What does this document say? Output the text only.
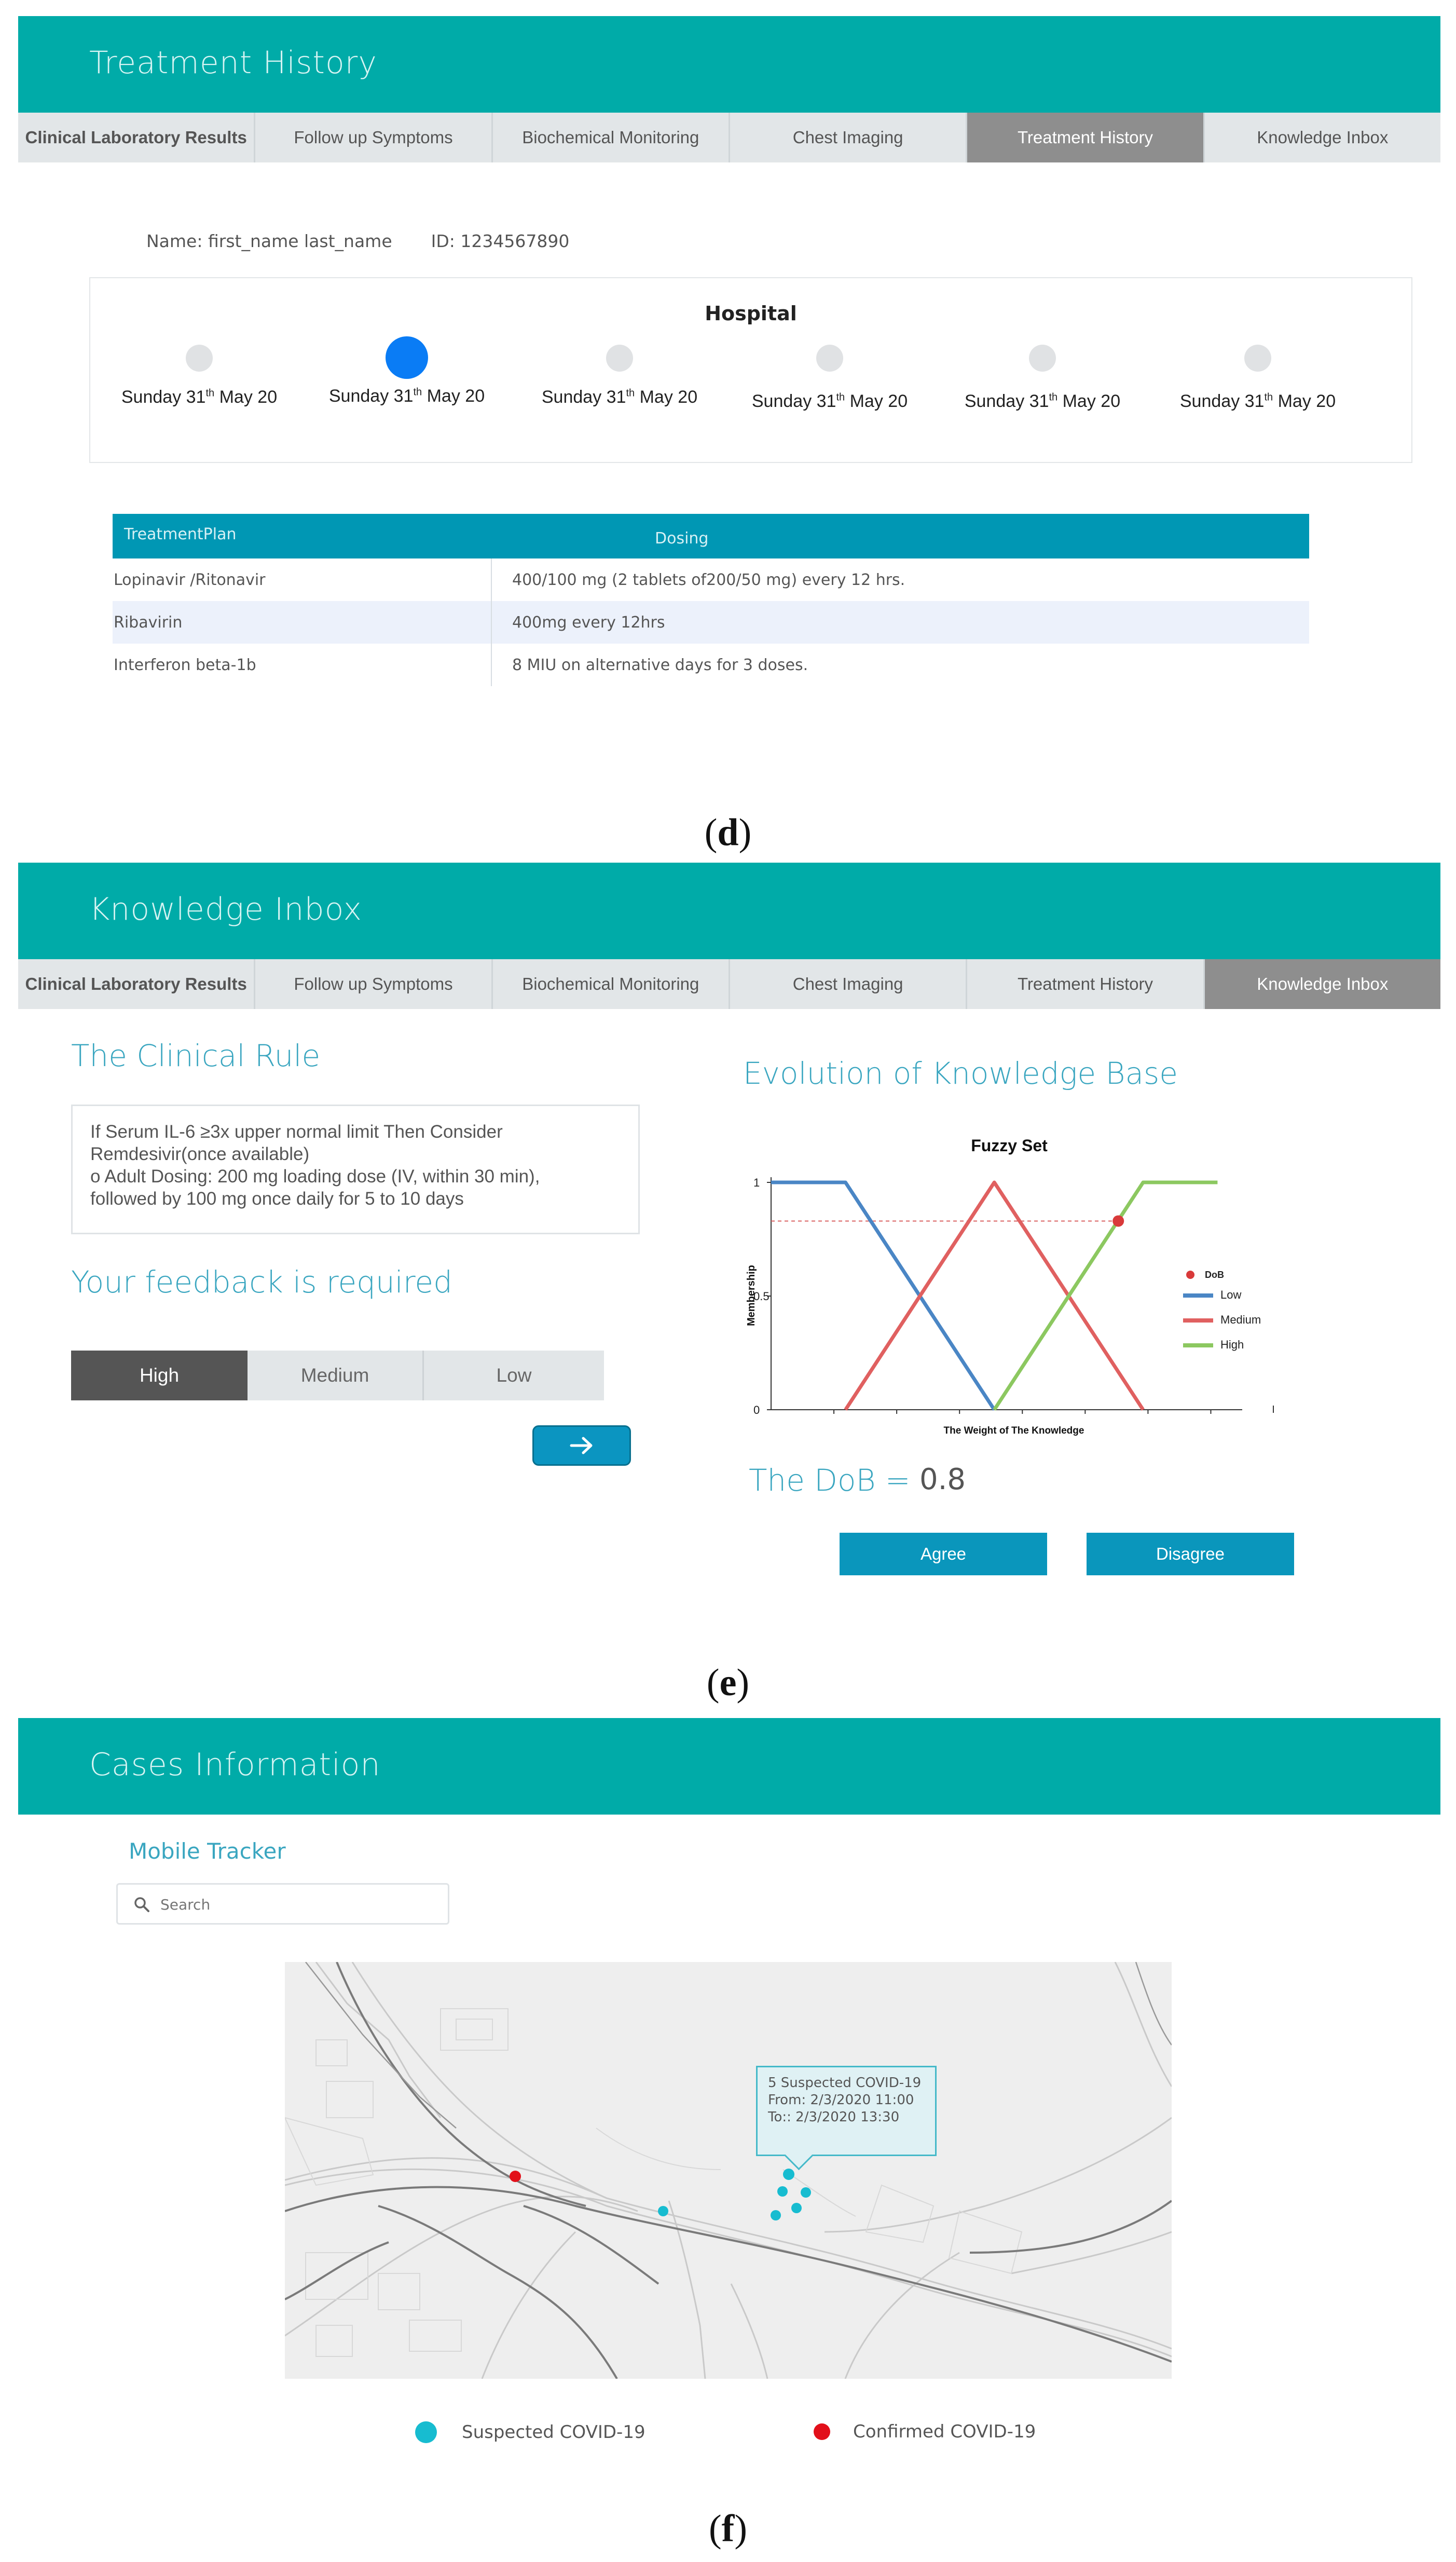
Treatment History
Clinical Laboratory Results	Follow up Symptoms	Biochemical Monitoring	Chest Imaging	Treatment History	Knowledge Inbox
Name: first_name last_name ID: 1234567890
Hospital
Sunday 31th May 20	Sunday 31th May 20	Sunday 31th May 20	Sunday 31th May 20	Sunday 31th May 20	Sunday 31th May 20
TreatmentPlan	Dosing
Lopinavir /Ritonavir	400/100 mg (2 tablets of200/50 mg) every 12 hrs.
Ribavirin	400mg every 12hrs
Interferon beta-1b	8 MIU on alternative days for 3 doses.
(d)
Knowledge Inbox
Clinical Laboratory Results	Follow up Symptoms	Biochemical Monitoring	Chest Imaging	Treatment History	Knowledge Inbox
The Clinical Rule
If Serum IL-6 ≥3x upper normal limit Then Consider
Remdesivir(once available)
o Adult Dosing: 200 mg loading dose (IV, within 30 min),
followed by 100 mg once daily for 5 to 10 days
Your feedback is required
High	Medium	Low
Evolution of Knowledge Base
0
0.5
1
Fuzzy Set
The Weight of The Knowledge
Membership	DoB
Low
Medium
High
The DoB = 0.8
Agree	Disagree
(e)
Cases Information
Mobile Tracker
Search
5 Suspected COVID-19
From: 2/3/2020 11:00
To:: 2/3/2020 13:30
Suspected COVID-19	Confirmed COVID-19
(f)
